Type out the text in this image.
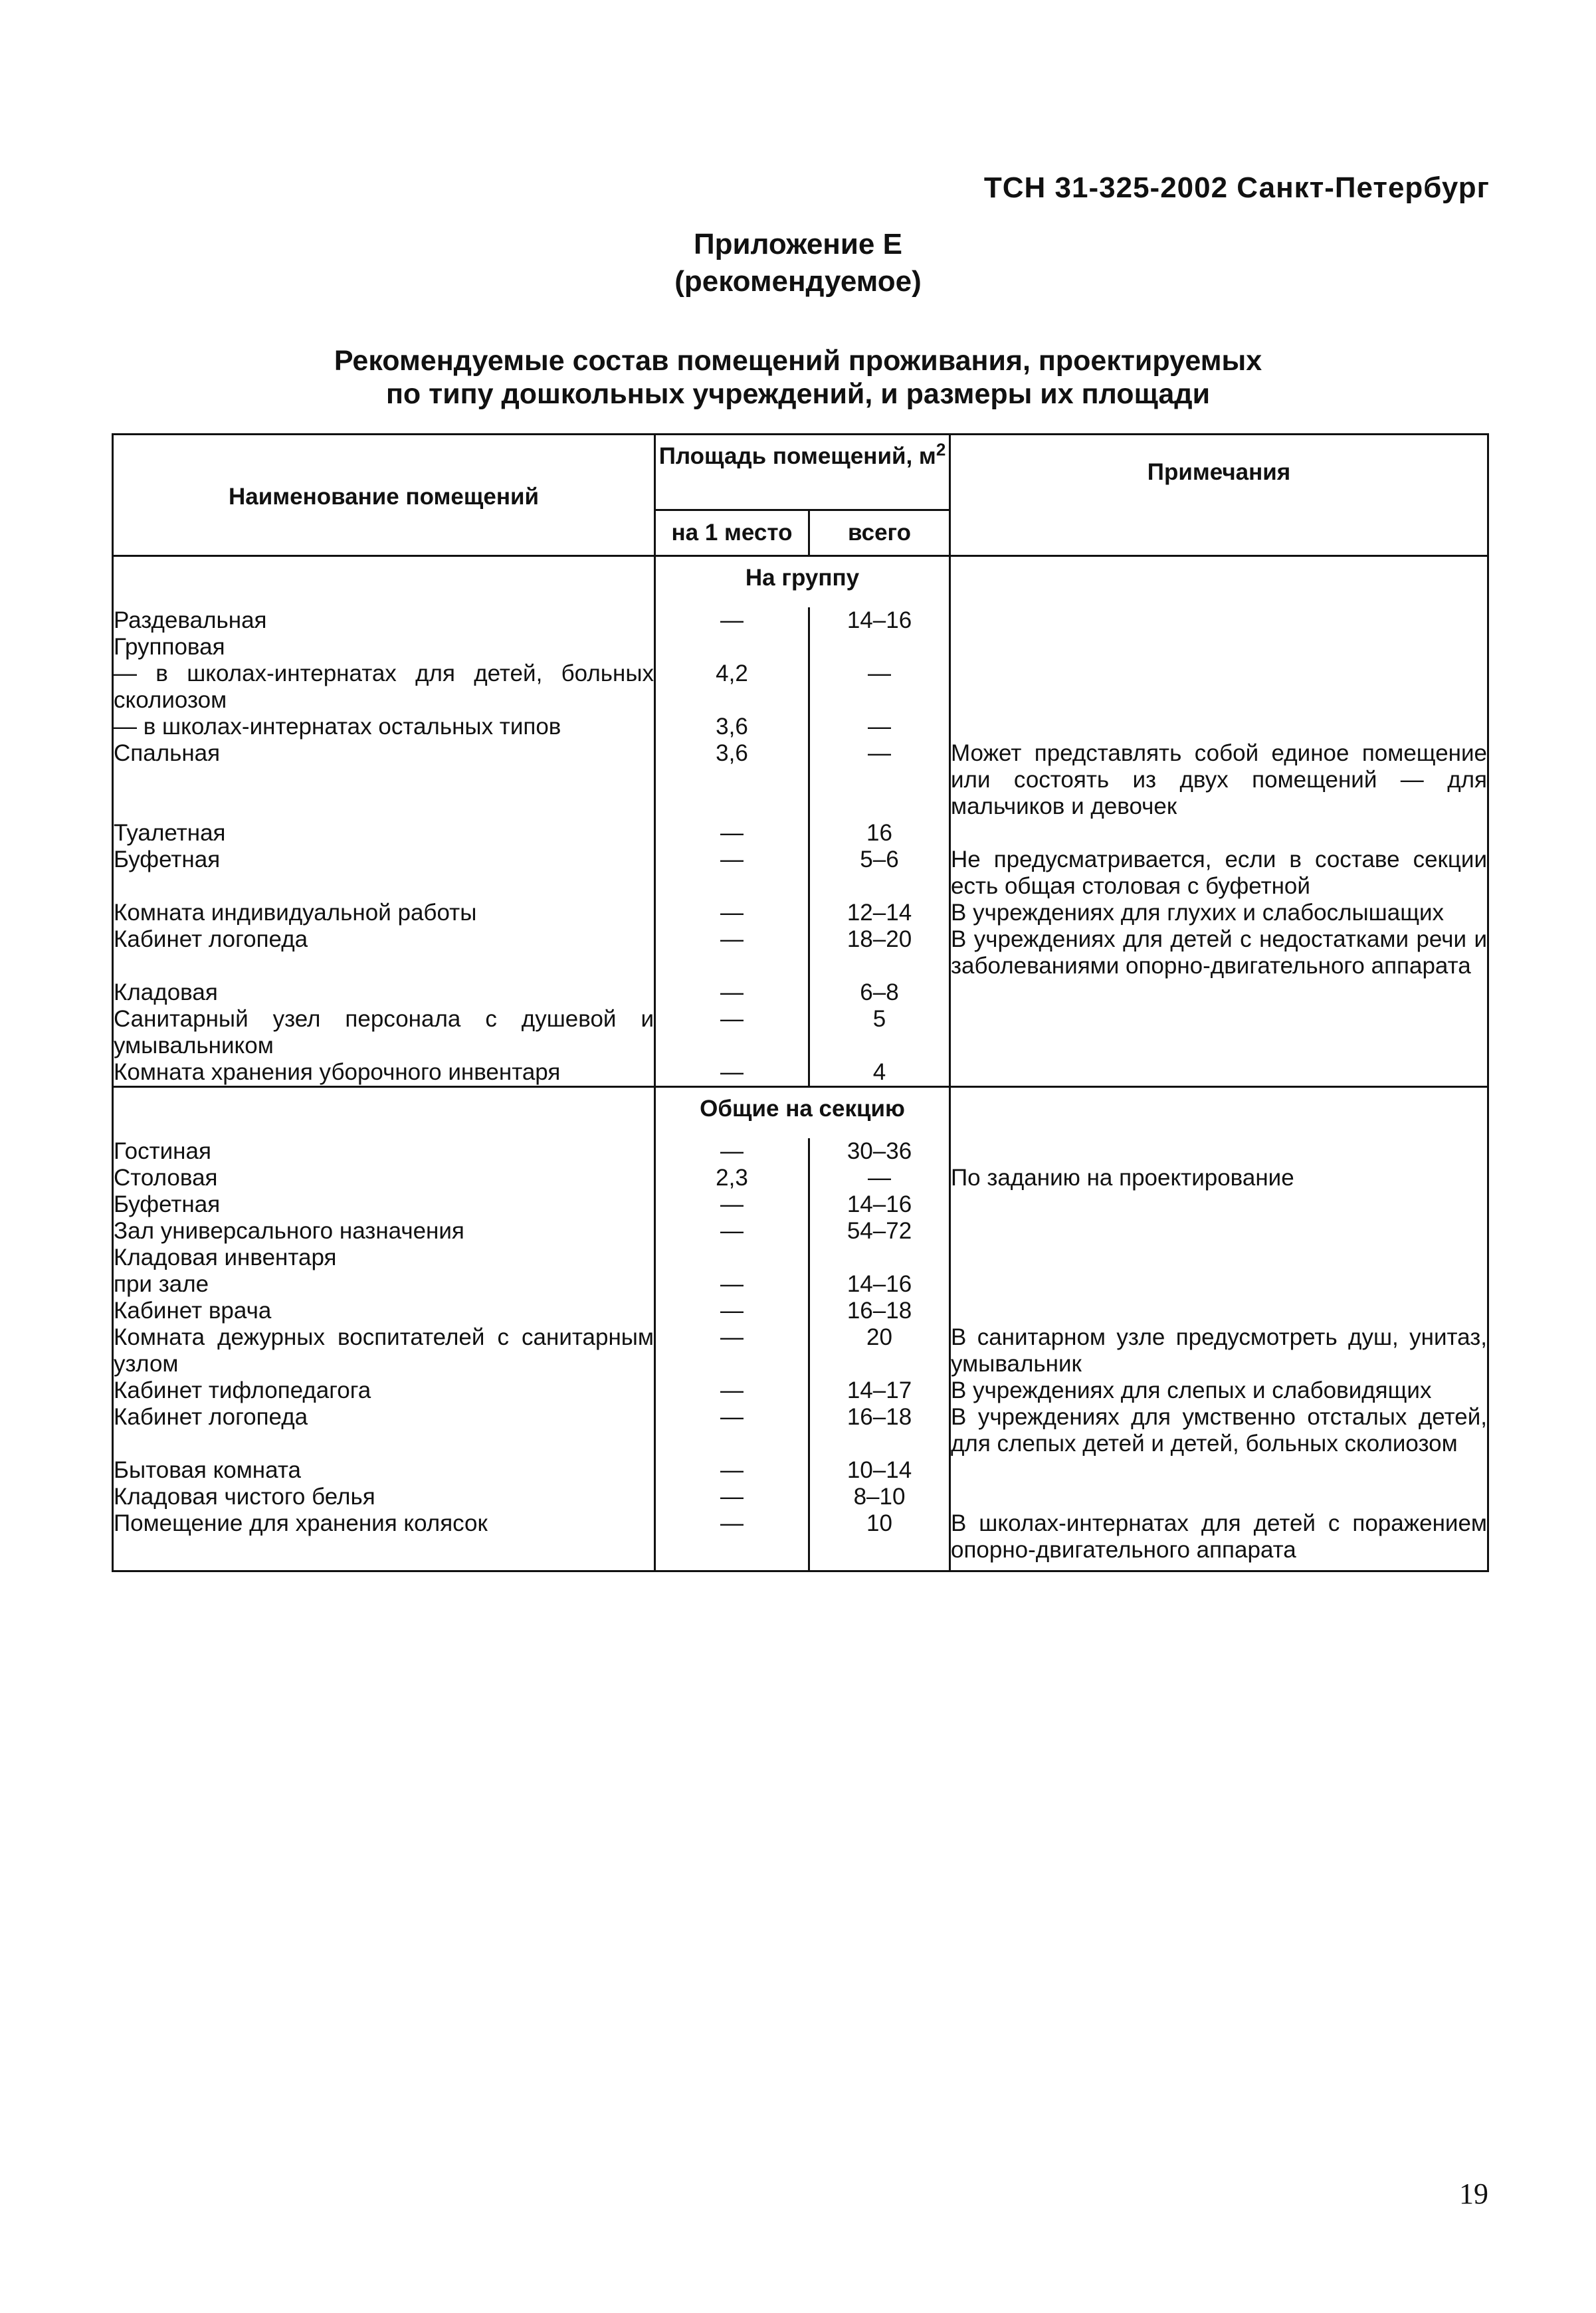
ТСН 31-325-2002 Санкт-Петербург
Приложение Е
(рекомендуемое)
Рекомендуемые состав помещений проживания, проектируемых
по типу дошкольных учреждений, и размеры их площади
Наименование помещений	Площадь помещений, $м^2$		Примечания
	на 1 место	всего	
	На группу		
Раздевальная	—	14–16	
Групповая			
— в школах-интернатах для детей, больных сколиозом	4,2	—	
— в школах-интернатах остальных типов	3,6	—	
Спальная	3,6	—	Может представлять собой единое помещение или состоять из двух помещений — для мальчиков и девочек
Туалетная	—	16	
Буфетная	—	5–6	Не предусматривается, если в составе секции есть общая столовая с буфетной
Комната индивидуальной работы	—	12–14	В учреждениях для глухих и слабослышащих
Кабинет логопеда	—	18–20	В учреждениях для детей с недостатками речи и заболеваниями опорно-двигательного аппарата
Кладовая	—	6–8	
Санитарный узел персонала с душевой и умывальником	—	5	
Комната хранения уборочного инвентаря	—	4	
	Общие на секцию		
Гостиная	—	30–36	
Столовая	2,3	—	По заданию на проектирование
Буфетная	—	14–16	
Зал универсального назначения	—	54–72	
Кладовая инвентаря			
при зале	—	14–16	
Кабинет врача	—	16–18	
Комната дежурных воспитателей с санитарным узлом	—	20	В санитарном узле предусмотреть душ, унитаз, умывальник
Кабинет тифлопедагога	—	14–17	В учреждениях для слепых и слабовидящих
Кабинет логопеда	—	16–18	В учреждениях для умственно отсталых детей, для слепых детей и детей, больных сколиозом
Бытовая комната	—	10–14	
Кладовая чистого белья	—	8–10	
Помещение для хранения колясок	—	10	В школах-интернатах для детей с поражением опорно-двигательного аппарата
19
